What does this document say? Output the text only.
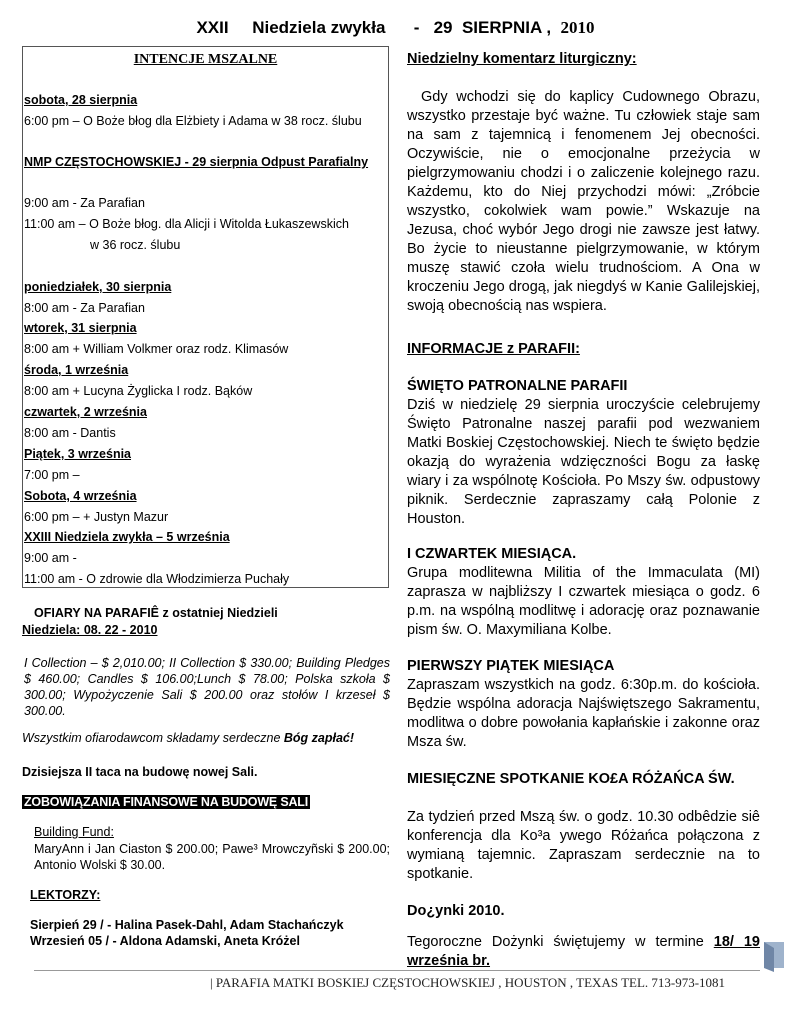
XXII     Niedziela zwykła      -   29  SIERPNIA ,  2010
INTENCJE MSZALNE
sobota, 28 sierpnia
6:00 pm – O Boże błog dla Elżbiety i Adama w 38 rocz. ślubu
NMP CZĘSTOCHOWSKIEJ - 29 sierpnia Odpust Parafialny
9:00 am - Za Parafian
11:00 am – O Boże błog. dla Alicji i Witolda Łukaszewskich
w 36 rocz. ślubu
poniedziałek, 30 sierpnia
8:00 am - Za Parafian
wtorek, 31 sierpnia
8:00 am + William Volkmer oraz rodz. Klimasów
środa, 1 września
8:00 am + Lucyna Żyglicka I rodz. Bąków
czwartek, 2 września
8:00 am - Dantis
Piątek, 3 września
7:00 pm –
Sobota, 4 września
6:00 pm – + Justyn Mazur
XXIII Niedziela zwykła – 5 września
9:00 am -
11:00 am - O zdrowie dla Włodzimierza Puchały
OFIARY NA PARAFIÊ z ostatniej Niedzieli
Niedziela: 08. 22 - 2010
I Collection – $ 2,010.00; II Collection $ 330.00; Building Pledges $ 460.00; Candles $ 106.00;Lunch $ 78.00; Polska szkoła $ 300.00; Wypożyczenie Sali $ 200.00 oraz stołów I krzeseł $ 300.00.
Wszystkim ofiarodawcom składamy serdeczne Bóg zapłać!
Dzisiejsza II taca na budowę nowej Sali.
ZOBOWIĄZANIA FINANSOWE NA BUDOWĘ SALI
Building Fund:
MaryAnn i Jan Ciaston $ 200.00; Pawe³ Mrowczyñski $ 200.00; Antonio Wolski $ 30.00.
LEKTORZY:
Sierpień 29 / - Halina Pasek-Dahl, Adam Stachańczyk
Wrzesień 05 / - Aldona Adamski, Aneta Króżel
Niedzielny komentarz liturgiczny:
Gdy wchodzi się do kaplicy Cudownego Obrazu, wszystko przestaje być ważne. Tu człowiek staje sam na sam z tajemnicą i fenomenem Jej obecności. Oczywiście, nie o emocjonalne przeżycia w pielgrzymowaniu chodzi i o zaliczenie kolejnego razu. Każdemu, kto do Niej przychodzi mówi: „Zróbcie wszystko, cokolwiek wam powie.” Wskazuje na Jezusa, choć wybór Jego drogi nie zawsze jest łatwy. Bo życie to nieustanne pielgrzymowanie, w którym muszę stawić czoła wielu trudnościom. A Ona w kroczeniu Jego drogą, jak niegdyś w Kanie Galilejskiej, swoją obecnością nas wspiera.
INFORMACJE z PARAFII:
ŚWIĘTO PATRONALNE PARAFII
Dziś w niedzielę 29 sierpnia uroczyście celebrujemy Święto Patronalne naszej parafii pod wezwaniem Matki Boskiej Częstochowskiej. Niech te święto będzie okazją do wyrażenia wdzięczności Bogu za łaskę wiary i za wspólnotę Kościoła. Po Mszy św. odpustowy piknik. Serdecznie zapraszamy całą Polonie z Houston.
I CZWARTEK MIESIĄCA.
Grupa modlitewna Militia of the Immaculata (MI) zaprasza w najbliższy I czwartek miesiąca o godz. 6 p.m. na wspólną modlitwę i adorację oraz poznawanie pism św. O. Maxymiliana Kolbe.
PIERWSZY PIĄTEK MIESIĄCA
Zapraszam wszystkich na godz. 6:30p.m. do kościoła. Będzie wspólna adoracja Najświętszego Sakramentu, modlitwa o dobre powołania kapłańskie i zakonne oraz Msza św.
MIESIĘCZNE SPOTKANIE KO£A RÓŻAŃCA ŚW.
Za tydzień przed Mszą św. o godz. 10.30 odbêdzie siê konferencja dla Ko³a ywego Różańca połączona z wymianą tajemnic. Zapraszam serdecznie na to spotkanie.
Do¿ynki 2010.
Tegoroczne Dożynki świętujemy w termine 18/ 19 września br.
| PARAFIA MATKI BOSKIEJ CZĘSTOCHOWSKIEJ , HOUSTON , TEXAS TEL. 713-973-1081
